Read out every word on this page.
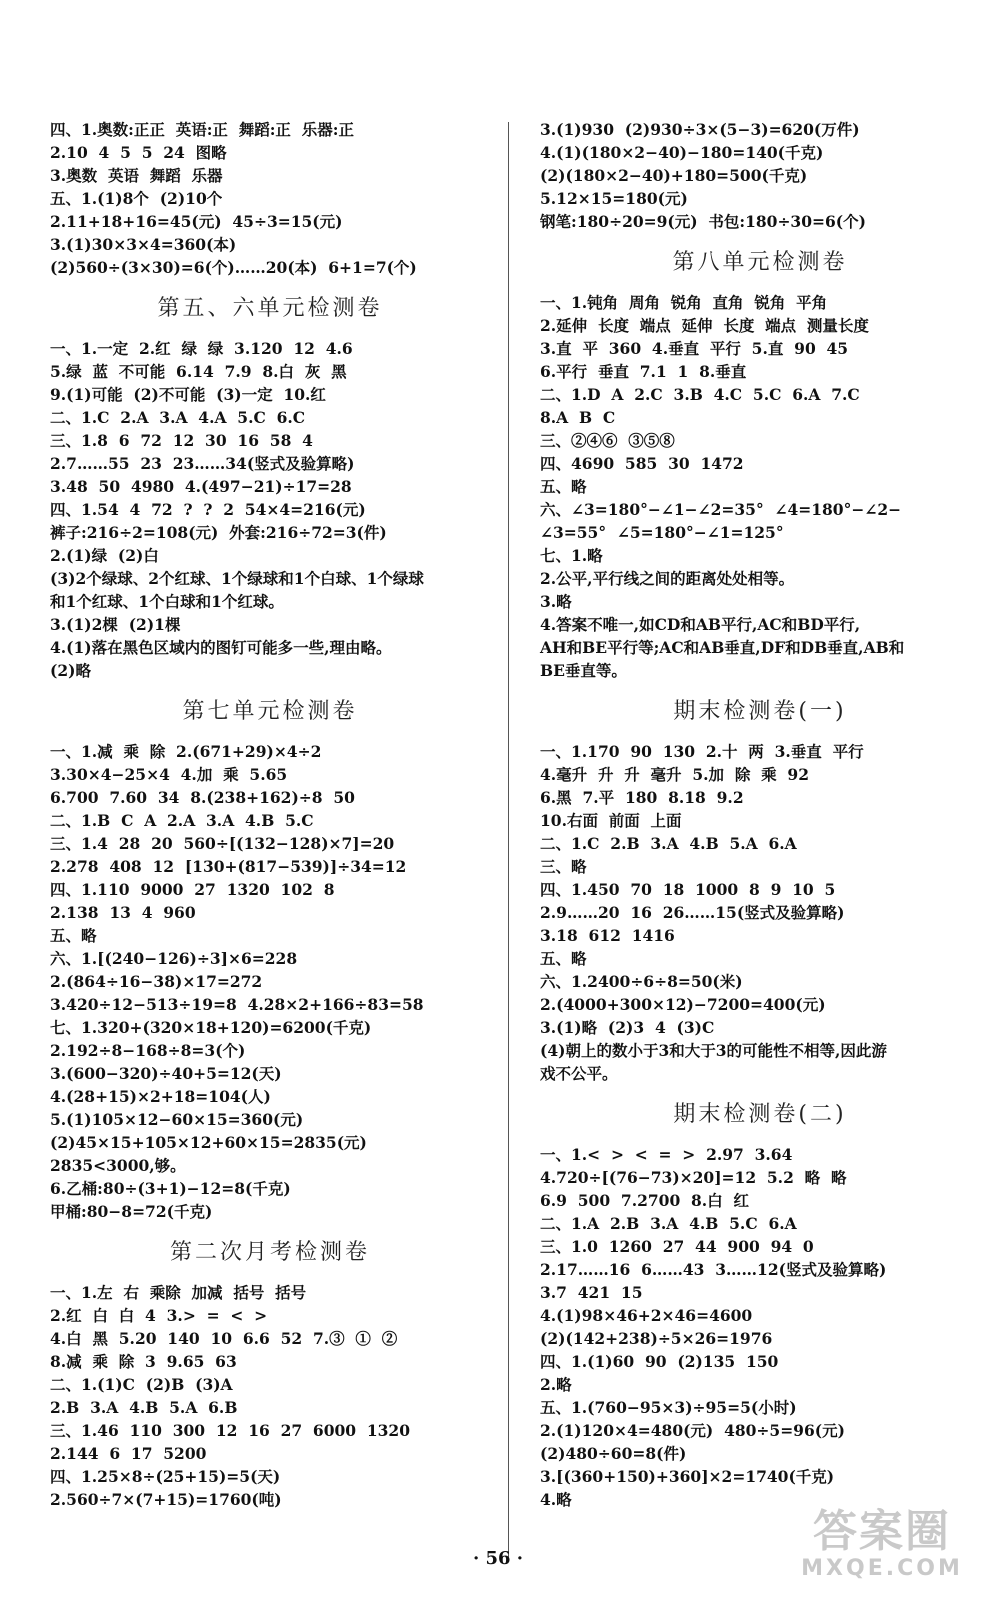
四、1.奥数:正正  英语:正  舞蹈:正  乐器:正
2.10  4  5  5  24  图略
3.奥数  英语  舞蹈  乐器
五、1.(1)8个  (2)10个
2.11+18+16=45(元)  45÷3=15(元)
3.(1)30×3×4=360(本)
(2)560÷(3×30)=6(个)……20(本)  6+1=7(个)
第五、六单元检测卷
一、1.一定  2.红  绿  绿  3.120  12  4.6
5.绿  蓝  不可能  6.14  7.9  8.白  灰  黑
9.(1)可能  (2)不可能  (3)一定  10.红
二、1.C  2.A  3.A  4.A  5.C  6.C
三、1.8  6  72  12  30  16  58  4
2.7……55  23  23……34(竖式及验算略)
3.48  50  4980  4.(497−21)÷17=28
四、1.54  4  72  ?  ?  2  54×4=216(元)
裤子:216÷2=108(元)  外套:216÷72=3(件)
2.(1)绿  (2)白
(3)2个绿球、2个红球、1个绿球和1个白球、1个绿球
和1个红球、1个白球和1个红球。
3.(1)2棵  (2)1棵
4.(1)落在黑色区域内的图钉可能多一些,理由略。
(2)略
第七单元检测卷
一、1.减  乘  除  2.(671+29)×4÷2
3.30×4−25×4  4.加  乘  5.65
6.700  7.60  34  8.(238+162)÷8  50
二、1.B  C  A  2.A  3.A  4.B  5.C
三、1.4  28  20  560÷[(132−128)×7]=20
2.278  408  12  [130+(817−539)]÷34=12
四、1.110  9000  27  1320  102  8
2.138  13  4  960
五、略
六、1.[(240−126)÷3]×6=228
2.(864÷16−38)×17=272
3.420÷12−513÷19=8  4.28×2+166÷83=58
七、1.320+(320×18+120)=6200(千克)
2.192÷8−168÷8=3(个)
3.(600−320)÷40+5=12(天)
4.(28+15)×2+18=104(人)
5.(1)105×12−60×15=360(元)
(2)45×15+105×12+60×15=2835(元)
2835<3000,够。
6.乙桶:80÷(3+1)−12=8(千克)
甲桶:80−8=72(千克)
第二次月考检测卷
一、1.左  右  乘除  加减  括号  括号
2.红  白  白  4  3.>  =  <  >
4.白  黑  5.20  140  10  6.6  52  7.③  ①  ②
8.减  乘  除  3  9.65  63
二、1.(1)C  (2)B  (3)A
2.B  3.A  4.B  5.A  6.B
三、1.46  110  300  12  16  27  6000  1320
2.144  6  17  5200
四、1.25×8÷(25+15)=5(天)
2.560÷7×(7+15)=1760(吨)
3.(1)930  (2)930÷3×(5−3)=620(万件)
4.(1)(180×2−40)−180=140(千克)
(2)(180×2−40)+180=500(千克)
5.12×15=180(元)
钢笔:180÷20=9(元)  书包:180÷30=6(个)
第八单元检测卷
一、1.钝角  周角  锐角  直角  锐角  平角
2.延伸  长度  端点  延伸  长度  端点  测量长度
3.直  平  360  4.垂直  平行  5.直  90  45
6.平行  垂直  7.1  1  8.垂直
二、1.D  A  2.C  3.B  4.C  5.C  6.A  7.C
8.A  B  C
三、②④⑥  ③⑤⑧
四、4690  585  30  1472
五、略
六、∠3=180°−∠1−∠2=35°  ∠4=180°−∠2−
∠3=55°  ∠5=180°−∠1=125°
七、1.略
2.公平,平行线之间的距离处处相等。
3.略
4.答案不唯一,如CD和AB平行,AC和BD平行,
AH和BE平行等;AC和AB垂直,DF和DB垂直,AB和
BE垂直等。
期末检测卷(一)
一、1.170  90  130  2.十  两  3.垂直  平行
4.毫升  升  升  毫升  5.加  除  乘  92
6.黑  7.平  180  8.18  9.2
10.右面  前面  上面
二、1.C  2.B  3.A  4.B  5.A  6.A
三、略
四、1.450  70  18  1000  8  9  10  5
2.9……20  16  26……15(竖式及验算略)
3.18  612  1416
五、略
六、1.2400÷6÷8=50(米)
2.(4000+300×12)−7200=400(元)
3.(1)略  (2)3  4  (3)C
(4)朝上的数小于3和大于3的可能性不相等,因此游
戏不公平。
期末检测卷(二)
一、1.<  >  <  =  >  2.97  3.64
4.720÷[(76−73)×20]=12  5.2  略  略
6.9  500  7.2700  8.白  红
二、1.A  2.B  3.A  4.B  5.C  6.A
三、1.0  1260  27  44  900  94  0
2.17……16  6……43  3……12(竖式及验算略)
3.7  421  15
4.(1)98×46+2×46=4600
(2)(142+238)÷5×26=1976
四、1.(1)60  90  (2)135  150
2.略
五、1.(760−95×3)÷95=5(小时)
2.(1)120×4=480(元)  480÷5=96(元)
(2)480÷60=8(件)
3.[(360+150)+360]×2=1740(千克)
4.略
· 56 ·
答案圈
MXQE.COM
